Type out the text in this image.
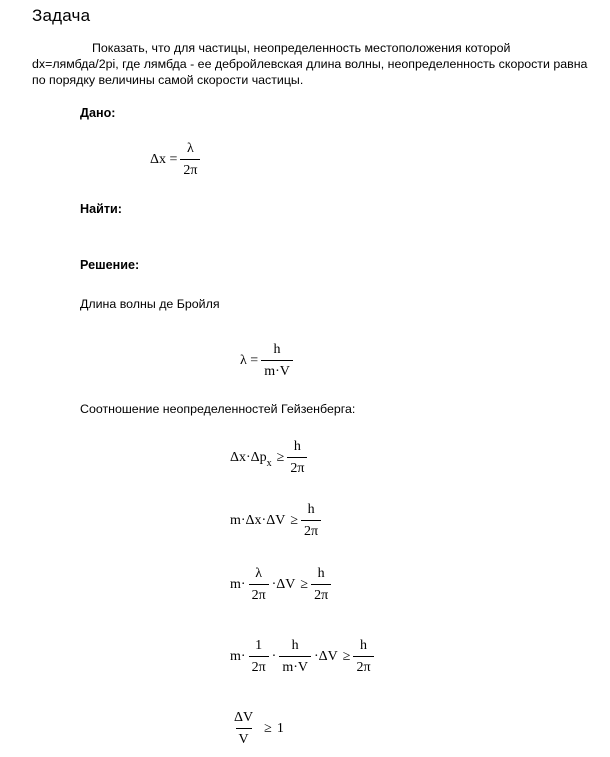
Задача
Показать, что для частицы, неопределенность местоположения которой dx=лямбда/2pi, где лямбда - ее дебройлевская длина волны, неопределенность скорости равна по порядку величины самой скорости частицы.
Дано:
$\Delta x = \frac{\lambda}{2\pi}$
Найти:
Решение:
Длина волны де Бройля
$\lambda = \frac{h}{m\cdot V}$
Соотношение неопределенностей Гейзенберга:
Δx·Δp $x \ge \frac{h}{2\pi}$
$m\cdot\Delta x\cdot\Delta V \ge \frac{h}{2\pi}$
$m\cdot \frac{\lambda}{2\pi} \cdot\Delta V \ge \frac{h}{2\pi}$
$m\cdot \frac{1}{2\pi} \cdot \frac{h}{m\cdot V} \cdot\Delta V \ge \frac{h}{2\pi}$
$\frac{\Delta V}{V} \ge 1$
